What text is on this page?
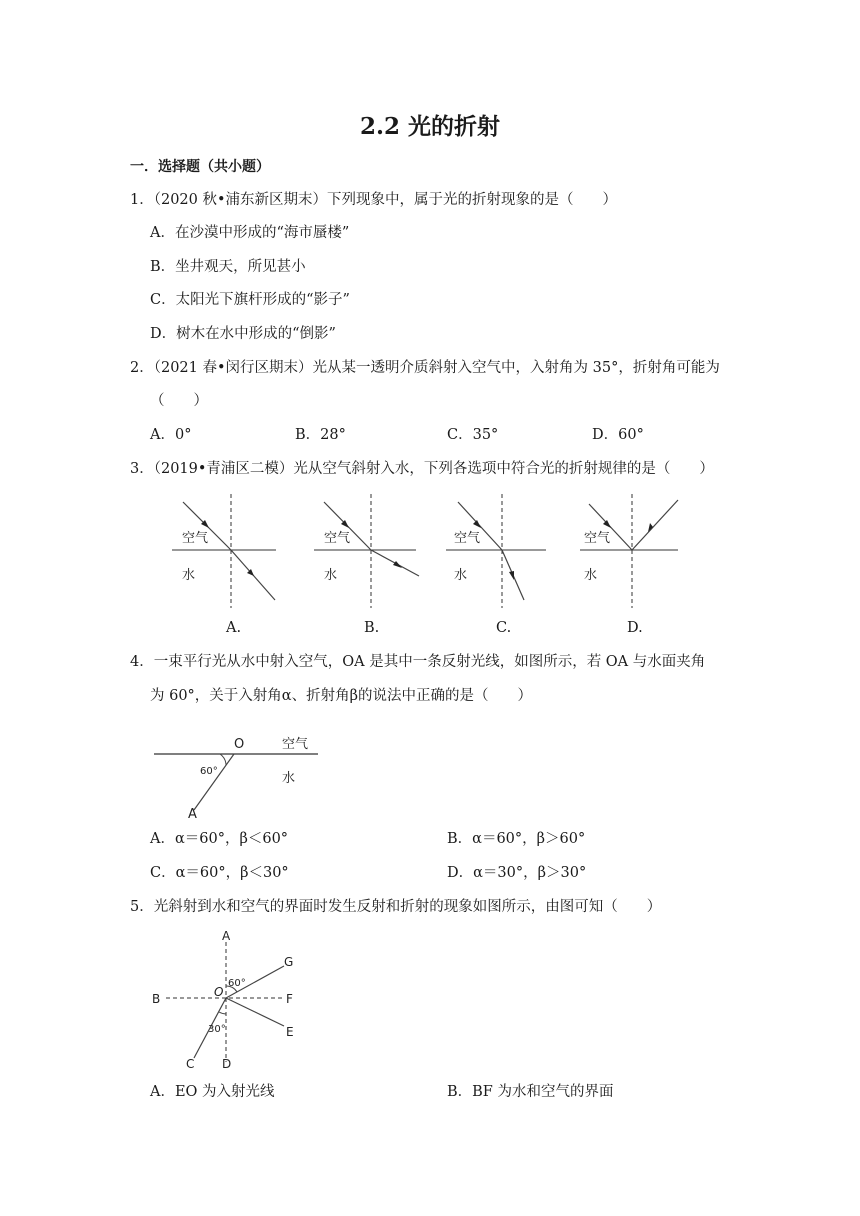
2.2 光的折射
一．选择题（共小题）
1．（2020 秋•浦东新区期末）下列现象中，属于光的折射现象的是（　　）
A．在沙漠中形成的“海市蜃楼”
B．坐井观天，所见甚小
C．太阳光下旗杆形成的“影子”
D．树木在水中形成的“倒影”
2．（2021 春•闵行区期末）光从某一透明介质斜射入空气中，入射角为 35°，折射角可能为
（　　）
A．0°	B．28°	C．35°	D．60°
3．（2019•青浦区二模）光从空气斜射入水，下列各选项中符合光的折射规律的是（　　）
空气
水
A.
空气
水
B.
空气
水
C.
空气
水
D.
4．一束平行光从水中射入空气，OA 是其中一条反射光线，如图所示，若 OA 与水面夹角
为 60°，关于入射角α、折射角β的说法中正确的是（　　）
O	空气
水
60°
A
A．α＝60°，β＜60°	B．α＝60°，β＞60°
C．α＝60°，β＜30°	D．α＝30°，β＞30°
5．光斜射到水和空气的界面时发生反射和折射的现象如图所示，由图可知（　　）
A
B
C D
E
F
G
O
60°
30°
A．EO 为入射光线	B．BF 为水和空气的界面
